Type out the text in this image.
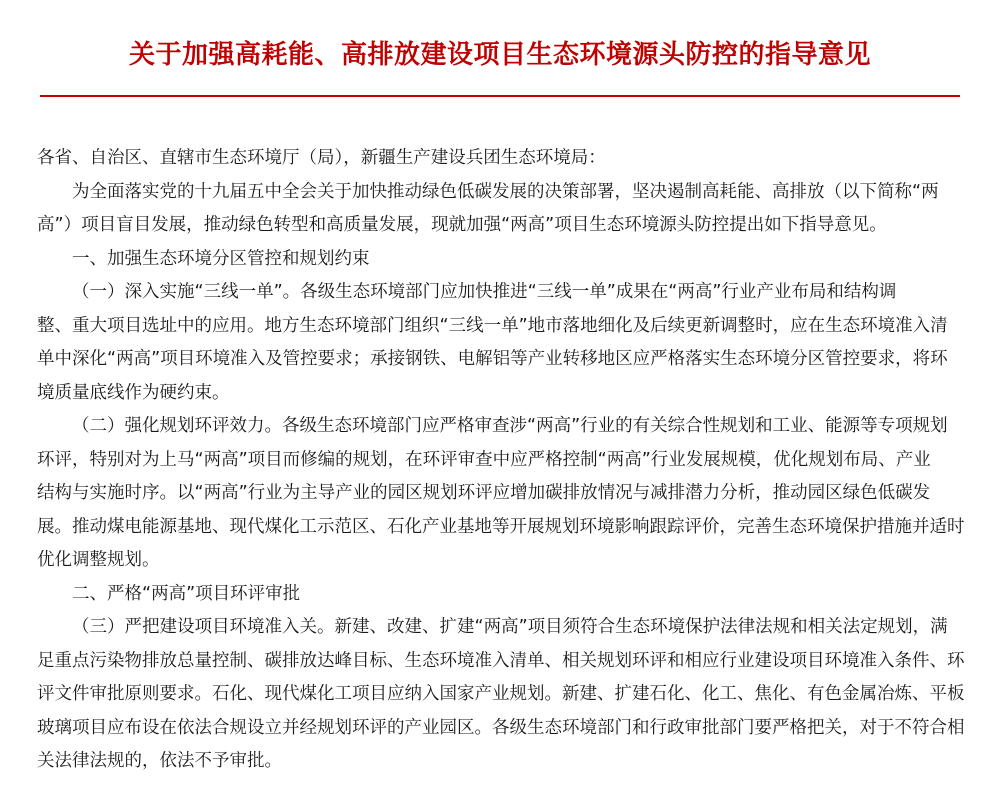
关于加强高耗能、高排放建设项目生态环境源头防控的指导意见
各省、自治区、直辖市生态环境厅（局），新疆生产建设兵团生态环境局：
为全面落实党的十九届五中全会关于加快推动绿色低碳发展的决策部署，坚决遏制高耗能、高排放（以下简称“两
高”）项目盲目发展，推动绿色转型和高质量发展，现就加强“两高”项目生态环境源头防控提出如下指导意见。
一、加强生态环境分区管控和规划约束
（一）深入实施“三线一单”。各级生态环境部门应加快推进“三线一单”成果在“两高”行业产业布局和结构调
整、重大项目选址中的应用。地方生态环境部门组织“三线一单”地市落地细化及后续更新调整时，应在生态环境准入清
单中深化“两高”项目环境准入及管控要求；承接钢铁、电解铝等产业转移地区应严格落实生态环境分区管控要求，将环
境质量底线作为硬约束。
（二）强化规划环评效力。各级生态环境部门应严格审查涉“两高”行业的有关综合性规划和工业、能源等专项规划
环评，特别对为上马“两高”项目而修编的规划，在环评审查中应严格控制“两高”行业发展规模，优化规划布局、产业
结构与实施时序。以“两高”行业为主导产业的园区规划环评应增加碳排放情况与减排潜力分析，推动园区绿色低碳发
展。推动煤电能源基地、现代煤化工示范区、石化产业基地等开展规划环境影响跟踪评价，完善生态环境保护措施并适时
优化调整规划。
二、严格“两高”项目环评审批
（三）严把建设项目环境准入关。新建、改建、扩建“两高”项目须符合生态环境保护法律法规和相关法定规划，满
足重点污染物排放总量控制、碳排放达峰目标、生态环境准入清单、相关规划环评和相应行业建设项目环境准入条件、环
评文件审批原则要求。石化、现代煤化工项目应纳入国家产业规划。新建、扩建石化、化工、焦化、有色金属冶炼、平板
玻璃项目应布设在依法合规设立并经规划环评的产业园区。各级生态环境部门和行政审批部门要严格把关，对于不符合相
关法律法规的，依法不予审批。
